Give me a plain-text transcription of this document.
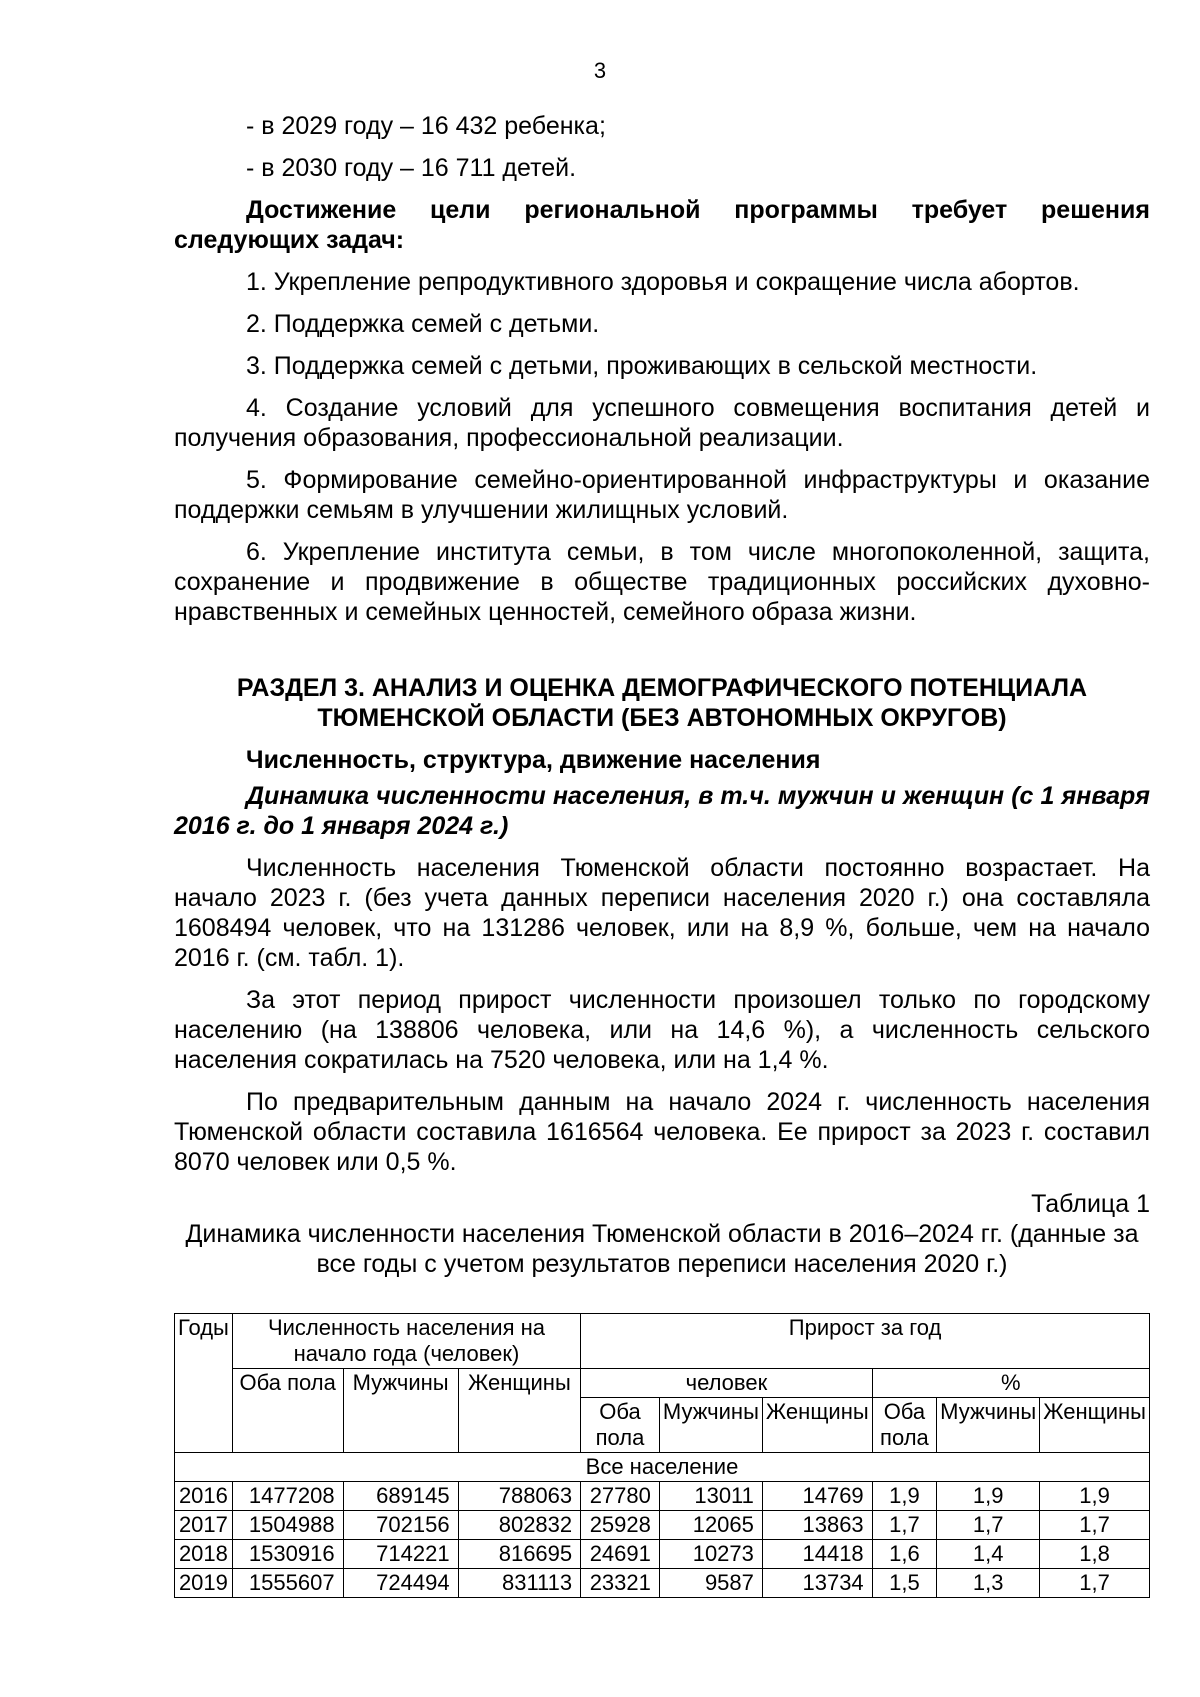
3
- в 2029 году – 16 432 ребенка;
- в 2030 году – 16 711 детей.
Достижение цели региональной программы требует решения следующих задач:
1. Укрепление репродуктивного здоровья и сокращение числа абортов.
2. Поддержка семей с детьми.
3. Поддержка семей с детьми, проживающих в сельской местности.
4. Создание условий для успешного совмещения воспитания детей и получения образования, профессиональной реализации.
5. Формирование семейно-ориентированной инфраструктуры и оказание поддержки семьям в улучшении жилищных условий.
6. Укрепление института семьи, в том числе многопоколенной, защита, сохранение и продвижение в обществе традиционных российских духовно-нравственных и семейных ценностей, семейного образа жизни.
РАЗДЕЛ 3. АНАЛИЗ И ОЦЕНКА ДЕМОГРАФИЧЕСКОГО ПОТЕНЦИАЛА
ТЮМЕНСКОЙ ОБЛАСТИ (БЕЗ АВТОНОМНЫХ ОКРУГОВ)
Численность, структура, движение населения
Динамика численности населения, в т.ч. мужчин и женщин (с 1 января 2016 г. до 1 января 2024 г.)
Численность населения Тюменской области постоянно возрастает. На начало 2023 г. (без учета данных переписи населения 2020 г.) она составляла 1608494 человек, что на 131286 человек, или на 8,9 %, больше, чем на начало 2016 г. (см. табл. 1).
За этот период прирост численности произошел только по городскому населению (на 138806 человека, или на 14,6 %), а численность сельского населения сократилась на 7520 человека, или на 1,4 %.
По предварительным данным на начало 2024 г. численность населения Тюменской области составила 1616564 человека. Ее прирост за 2023 г. составил 8070 человек или 0,5 %.
Таблица 1
Динамика численности населения Тюменской области в 2016–2024 гг. (данные за все годы с учетом результатов переписи населения 2020 г.)
Годы	Численность населения на начало года (человек)			Прирост за год					
	Оба пола	Мужчины	Женщины	человек			%		
				Оба пола	Мужчины	Женщины	Оба пола	Мужчины	Женщины
Все население									
2016	1477208	689145	788063	27780	13011	14769	1,9	1,9	1,9
2017	1504988	702156	802832	25928	12065	13863	1,7	1,7	1,7
2018	1530916	714221	816695	24691	10273	14418	1,6	1,4	1,8
2019	1555607	724494	831113	23321	9587	13734	1,5	1,3	1,7
